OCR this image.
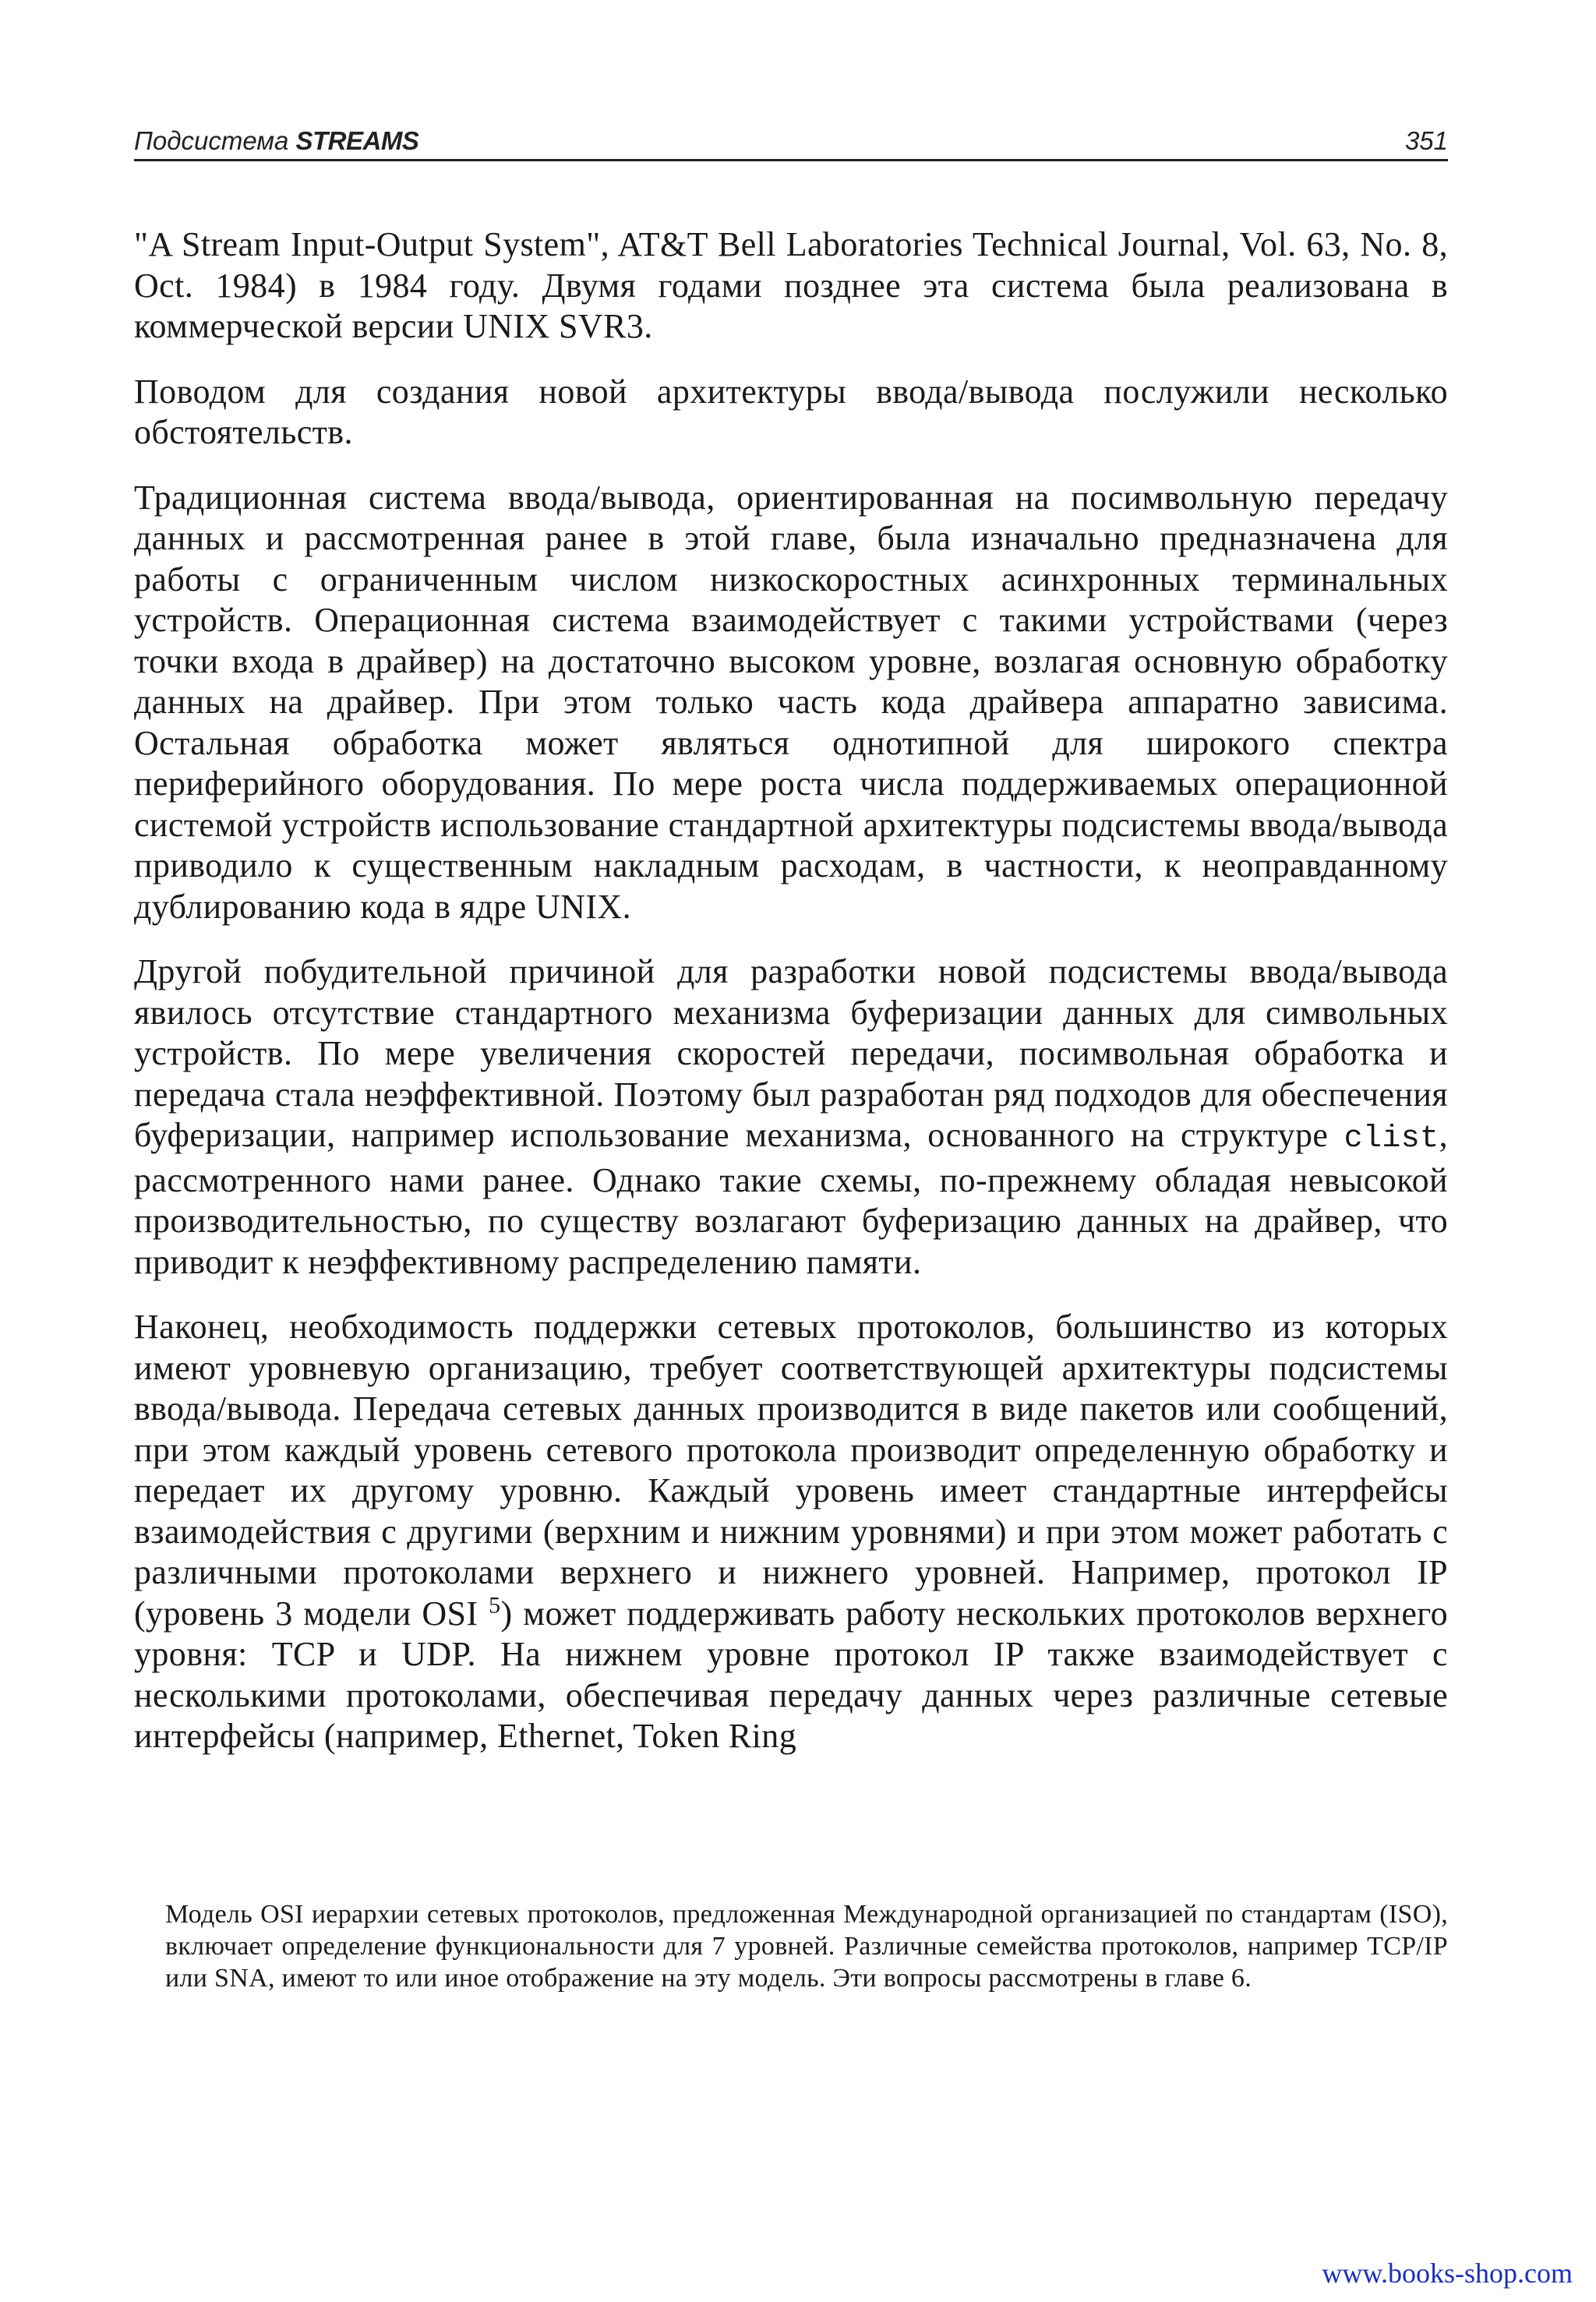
Подсистема STREAMS	351

"A Stream Input-Output System", AT&T Bell Laboratories Technical Journal, Vol. 63, No. 8, Oct. 1984) в 1984 году. Двумя годами позднее эта система была реализована в коммерческой версии UNIX SVR3.

Поводом для создания новой архитектуры ввода/вывода послужили несколько обстоятельств.

Традиционная система ввода/вывода, ориентированная на посимвольную передачу данных и рассмотренная ранее в этой главе, была изначально предназначена для работы с ограниченным числом низкоскоростных асинхронных терминальных устройств. Операционная система взаимодействует с такими устройствами (через точки входа в драйвер) на достаточно высоком уровне, возлагая основную обработку данных на драйвер. При этом только часть кода драйвера аппаратно зависима. Остальная обработка может являться однотипной для широкого спектра периферийного оборудования. По мере роста числа поддерживаемых операционной системой устройств использование стандартной архитектуры подсистемы ввода/вывода приводило к существенным накладным расходам, в частности, к неоправданному дублированию кода в ядре UNIX.

Другой побудительной причиной для разработки новой подсистемы ввода/вывода явилось отсутствие стандартного механизма буферизации данных для символьных устройств. По мере увеличения скоростей передачи, посимвольная обработка и передача стала неэффективной. Поэтому был разработан ряд подходов для обеспечения буферизации, например использование механизма, основанного на структуре clist, рассмотренного нами ранее. Однако такие схемы, по-прежнему обладая невысокой производительностью, по существу возлагают буферизацию данных на драйвер, что приводит к неэффективному распределению памяти.

Наконец, необходимость поддержки сетевых протоколов, большинство из которых имеют уровневую организацию, требует соответствующей архитектуры подсистемы ввода/вывода. Передача сетевых данных производится в виде пакетов или сообщений, при этом каждый уровень сетевого протокола производит определенную обработку и передает их другому уровню. Каждый уровень имеет стандартные интерфейсы взаимодействия с другими (верхним и нижним уровнями) и при этом может работать с различными протоколами верхнего и нижнего уровней. Например, протокол IP (уровень 3 модели OSI $^5$) может поддерживать работу нескольких протоколов верхнего уровня: TCP и UDP. На нижнем уровне протокол IP также взаимодействует с несколькими протоколами, обеспечивая передачу данных через различные сетевые интерфейсы (например, Ethernet, Token Ring

Модель OSI иерархии сетевых протоколов, предложенная Международной организацией по стандартам (ISO), включает определение функциональности для 7 уровней. Различные семейства протоколов, например TCP/IP или SNA, имеют то или иное отображение на эту модель. Эти вопросы рассмотрены в главе 6.

www.books-shop.com
